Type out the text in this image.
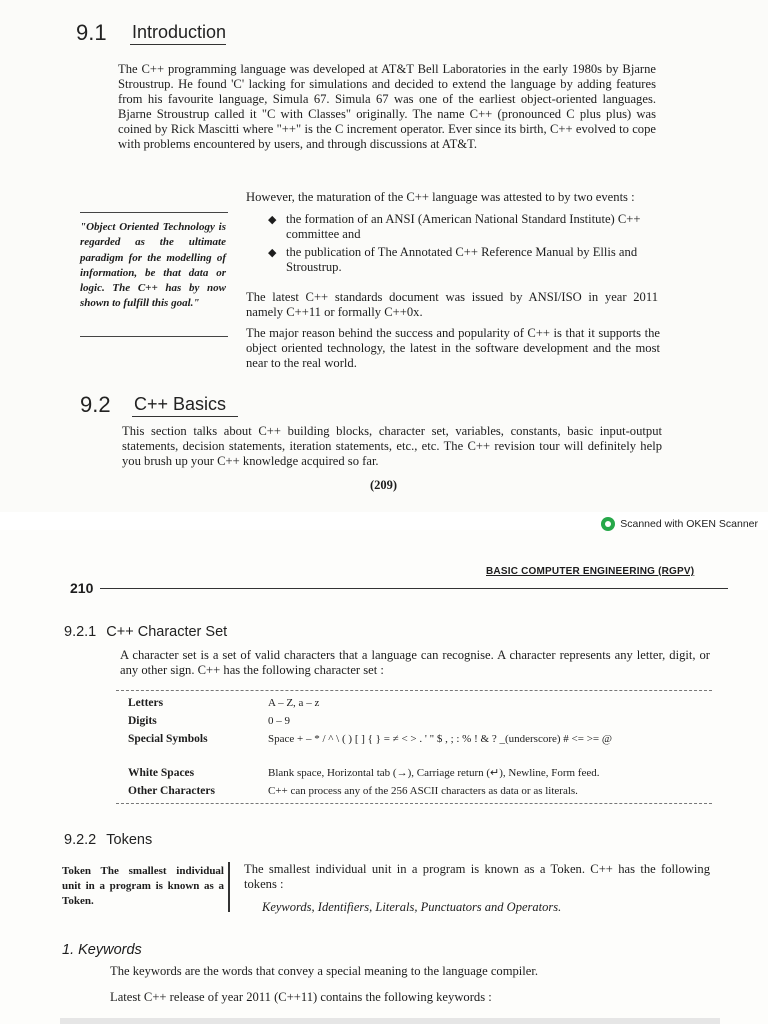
9.1 Introduction

The C++ programming language was developed at AT&T Bell Laboratories in the early 1980s by Bjarne Stroustrup. He found 'C' lacking for simulations and decided to extend the language by adding features from his favourite language, Simula 67. Simula 67 was one of the earliest object-oriented languages. Bjarne Stroustrup called it "C with Classes" originally. The name C++ (pronounced C plus plus) was coined by Rick Mascitti where "++" is the C increment operator. Ever since its birth, C++ evolved to cope with problems encountered by users, and through discussions at AT&T.

"Object Oriented Technology is regarded as the ultimate paradigm for the modelling of information, be that data or logic. The C++ has by now shown to fulfill this goal."

However, the maturation of the C++ language was attested to by two events :

◆ the formation of an ANSI (American National Standard Institute) C++ committee and
◆ the publication of The Annotated C++ Reference Manual by Ellis and Stroustrup.

The latest C++ standards document was issued by ANSI/ISO in year 2011 namely C++11 or formally C++0x.

The major reason behind the success and popularity of C++ is that it supports the object oriented technology, the latest in the software development and the most near to the real world.

9.2 C++ Basics

This section talks about C++ building blocks, character set, variables, constants, basic input-output statements, decision statements, iteration statements, etc., etc. The C++ revision tour will definitely help you brush up your C++ knowledge acquired so far.

(209)
Scanned with OKEN Scanner
210
BASIC COMPUTER ENGINEERING (RGPV)
9.2.1 C++ Character Set

A character set is a set of valid characters that a language can recognise. A character represents any letter, digit, or any other sign. C++ has the following character set :

Letters	A – Z, a – z
Digits	0 – 9
Special Symbols	Space + – * / ^ \ ( ) [ ] { } = ≠ < > . ' " $ , ; : % ! & ? _(underscore) # <= >= @
White Spaces	Blank space, Horizontal tab (→), Carriage return (↵), Newline, Form feed.
Other Characters	C++ can process any of the 256 ASCII characters as data or as literals.
9.2.2 Tokens

Token The smallest individual unit in a program is known as a Token.

The smallest individual unit in a program is known as a Token. C++ has the following tokens :

Keywords, Identifiers, Literals, Punctuators and Operators.
1. Keywords

The keywords are the words that convey a special meaning to the language compiler.

Latest C++ release of year 2011 (C++11) contains the following keywords :
